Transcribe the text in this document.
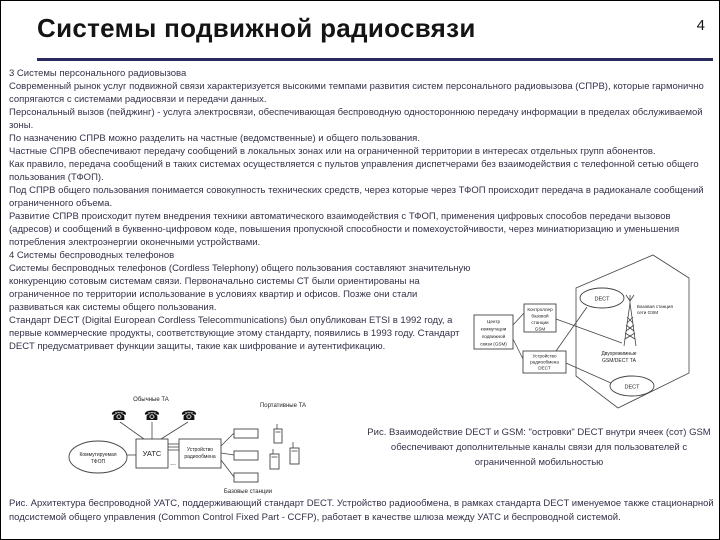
Системы подвижной радиосвязи	4
3 Системы персонального радиовызова
Современный рынок услуг подвижной связи характеризуется высокими темпами развития систем персонального радиовызова (СПРВ), которые гармонично сопрягаются с системами радиосвязи и передачи данных.
Персональный вызов (пейджинг) - услуга электросвязи, обеспечивающая беспроводную одностороннюю передачу информации в пределах обслуживаемой зоны.
По назначению СПРВ можно разделить на частные (ведомственные) и общего пользования.
Частные СПРВ обеспечивают передачу сообщений в локальных зонах или на ограниченной территории в интересах отдельных групп абонентов.
Как правило, передача сообщений в таких системах осуществляется с пультов управления диспетчерами без взаимодействия с телефонной сетью общего пользования (ТФОП).
Под СПРВ общего пользования понимается совокупность технических средств, через которые через ТФОП происходит передача в радиоканале сообщений ограниченного объема.
Развитие СПРВ происходит путем внедрения техники автоматического взаимодействия с ТФОП, применения цифровых способов передачи вызовов (адресов) и сообщений в буквенно-цифровом коде, повышения пропускной способности и помехоустойчивости, через миниатюризацию и уменьшения потребления электроэнергии оконечными устройствами.
4 Системы беспроводных телефонов
Системы беспроводных телефонов (Cordless Telephony) общего пользования составляют значительную конкуренцию сотовым системам связи. Первоначально системы СТ были ориентированы на ограниченное по территории использование в условиях квартир и офисов. Позже они стали развиваться как системы общего пользования.
Стандарт DECT (Digital European Cordless Telecommunications) был опубликован ETSI в 1992 году, а первые коммерческие продукты, соответствующие этому стандарту, появились в 1993 году. Стандарт DECT предусматривает функции защиты, такие как шифрование и аутентификацию.
Обычные ТА
☎ ☎ ☎
Коммутируемая
ТФОП
УАТС
...
Устройство
радиообмена
Портативные ТА
Базовые станции
DECT
DECT
Центр
коммутации
подвижной
связи (GSM)
Контроллер
базовой
станции
GSM
Устройство
радиообмена
DECT
Базовая станция
сети GSM
Двухрежимные
GSM/DECT ТА
Рис. Взаимодействие DECT и GSM: "островки" DECT внутри ячеек (сот) GSM обеспечивают дополнительные каналы связи для пользователей с ограниченной мобильностью
Рис. Архитектура беспроводной УАТС, поддерживающий стандарт DECT. Устройство радиообмена, в рамках стандарта DECT именуемое также стационарной подсистемой общего управления (Common Control Fixed Part - CCFP), работает в качестве шлюза между УАТС и беспроводной системой.
